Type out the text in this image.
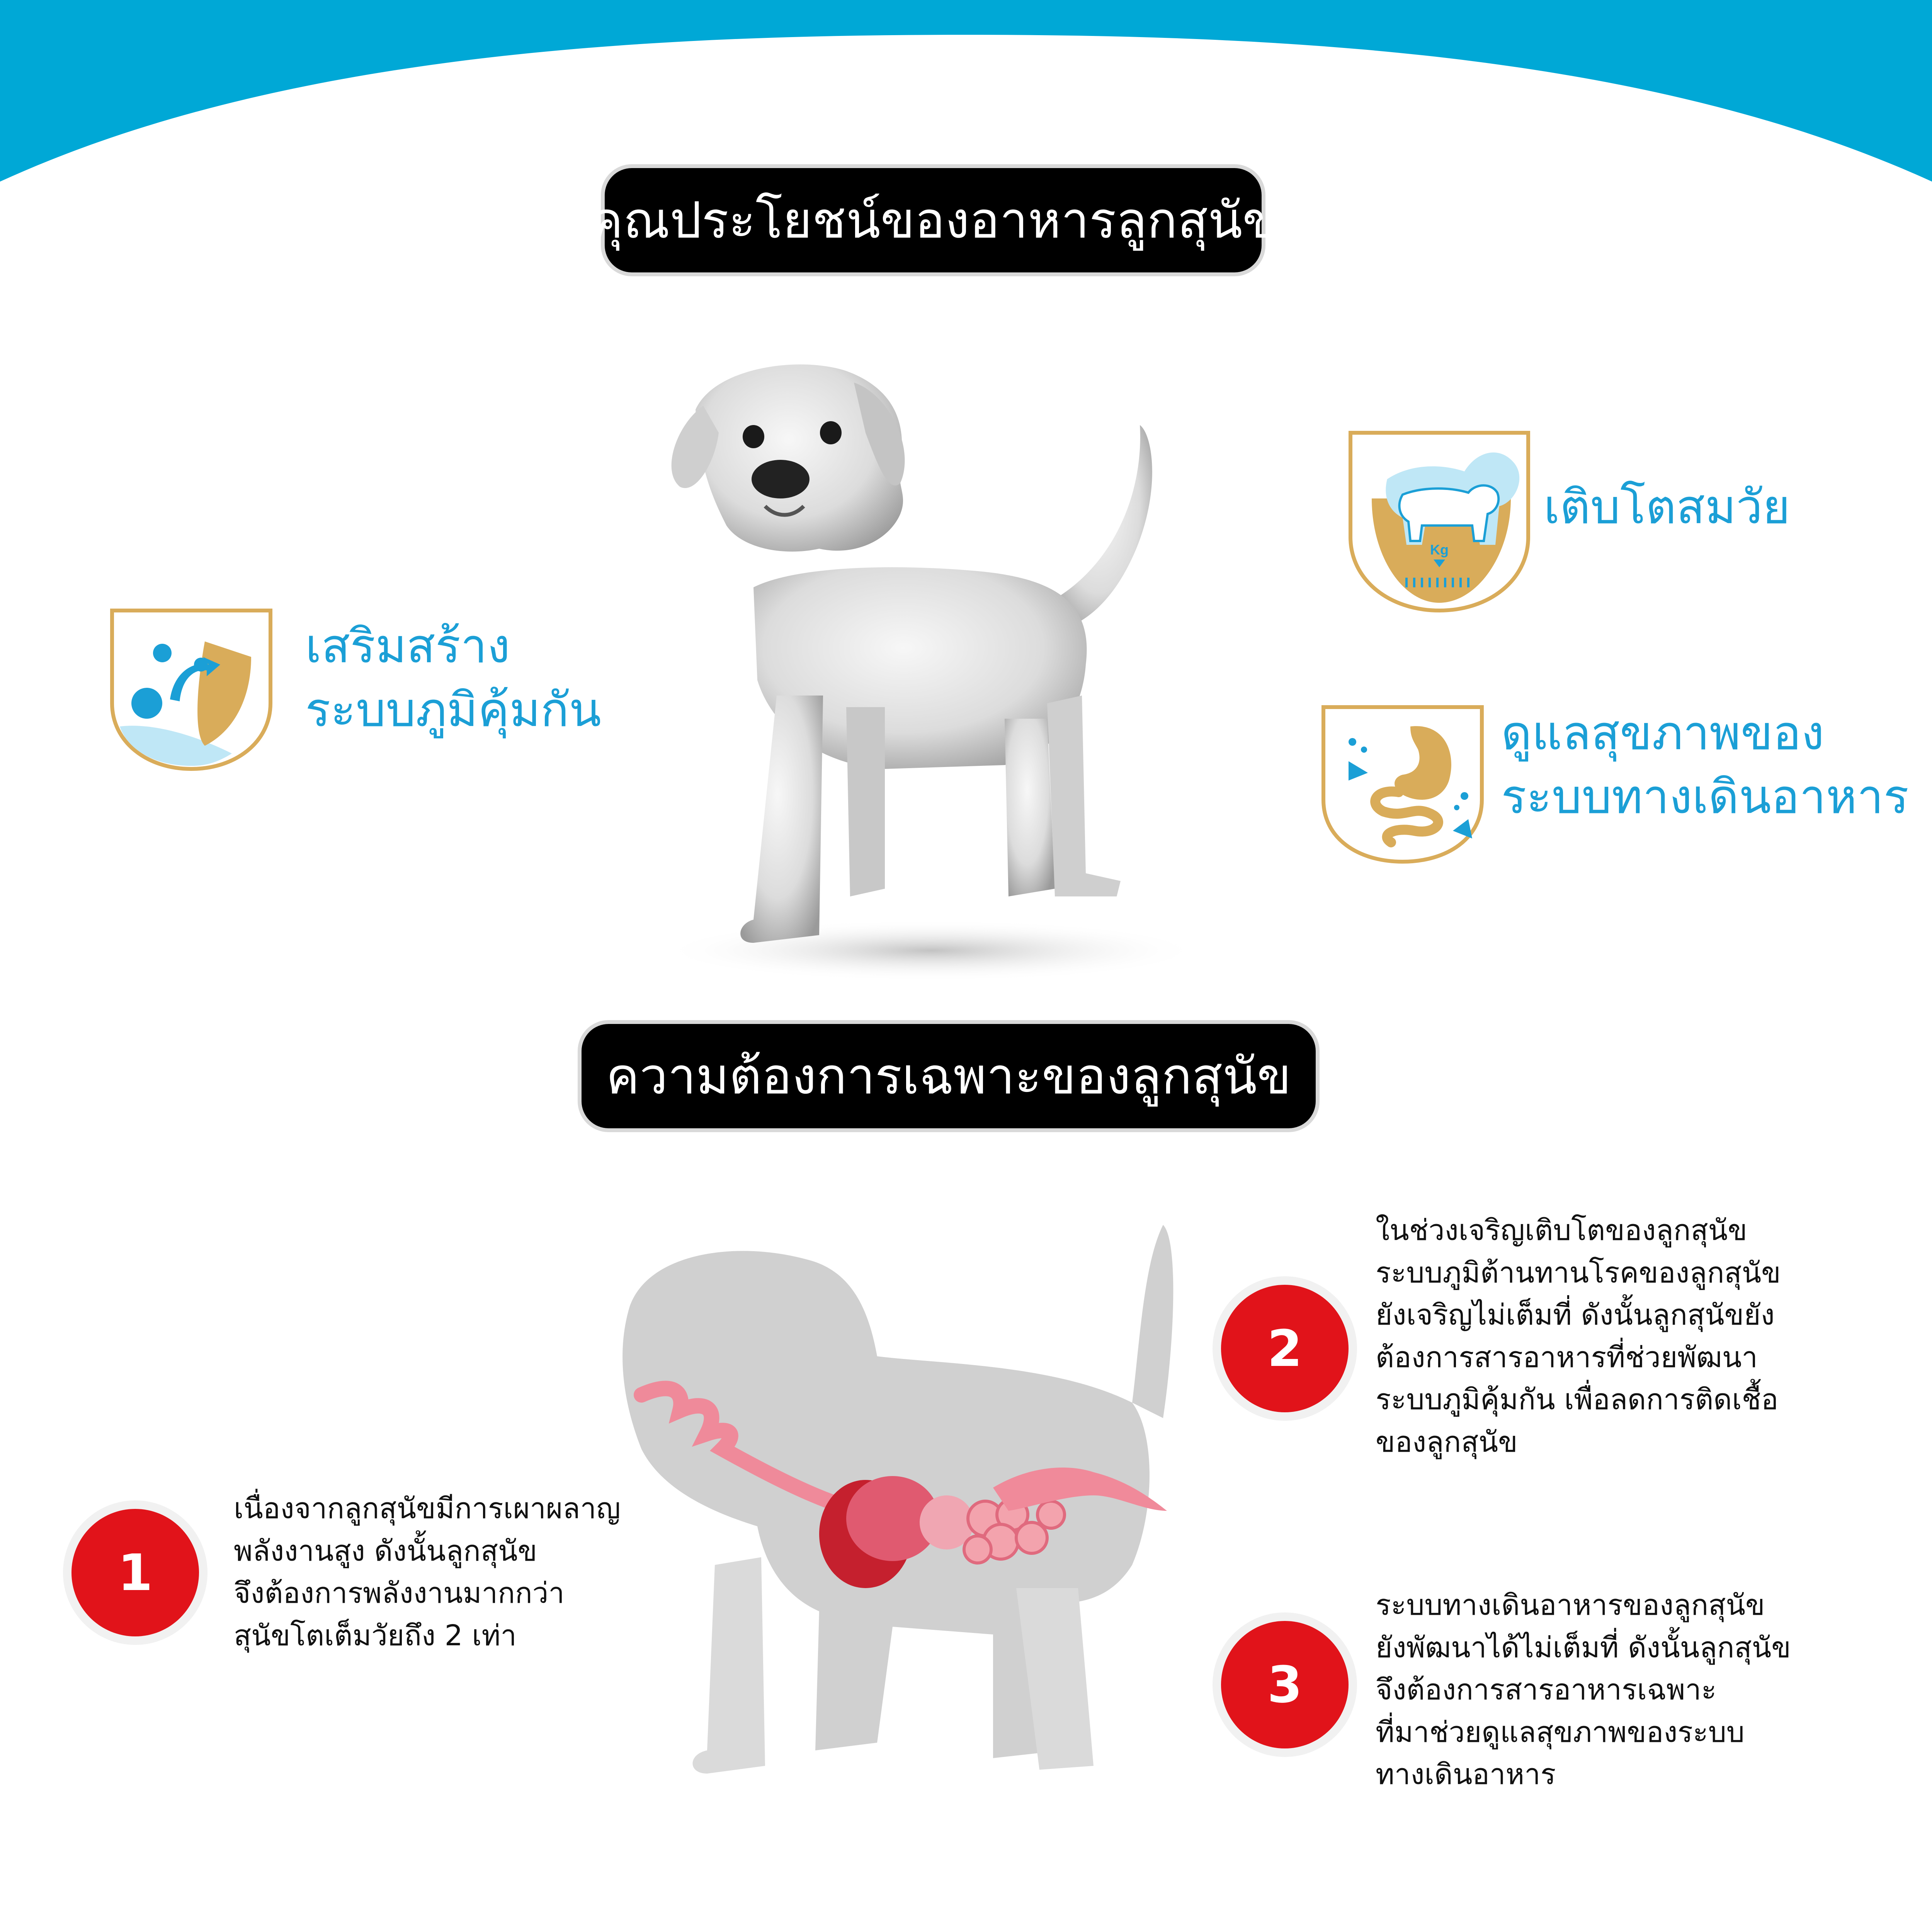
คุณประโยชน์ของอาหารลูกสุนัข
เสริมสร้าง
ระบบภูมิคุ้มกัน
Kg
เติบโตสมวัย
ดูแลสุขภาพของ
ระบบทางเดินอาหาร
ความต้องการเฉพาะของลูกสุนัข
1
เนื่องจากลูกสุนัขมีการเผาผลาญ
พลังงานสูง ดังนั้นลูกสุนัข
จึงต้องการพลังงานมากกว่า
สุนัขโตเต็มวัยถึง 2 เท่า
2
ในช่วงเจริญเติบโตของลูกสุนัข
ระบบภูมิต้านทานโรคของลูกสุนัข
ยังเจริญไม่เต็มที่ ดังนั้นลูกสุนัขยัง
ต้องการสารอาหารที่ช่วยพัฒนา
ระบบภูมิคุ้มกัน เพื่อลดการติดเชื้อ
ของลูกสุนัข
3
ระบบทางเดินอาหารของลูกสุนัข
ยังพัฒนาได้ไม่เต็มที่ ดังนั้นลูกสุนัข
จึงต้องการสารอาหารเฉพาะ
ที่มาช่วยดูแลสุขภาพของระบบ
ทางเดินอาหาร
